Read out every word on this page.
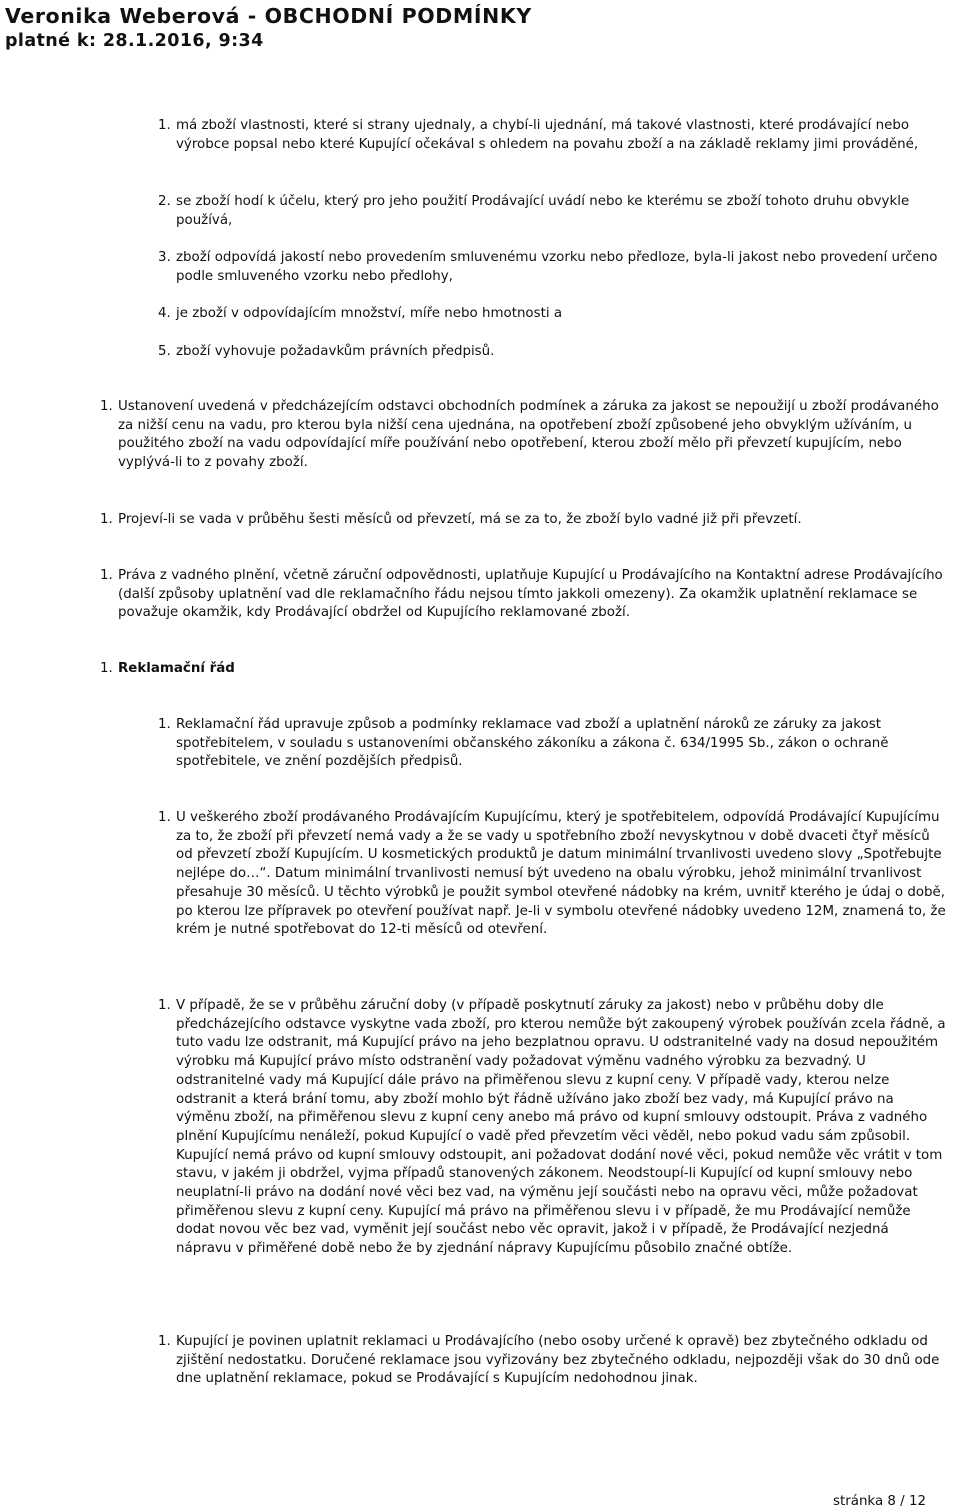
Veronika Weberová - OBCHODNÍ PODMÍNKY
platné k: 28.1.2016, 9:34
1. má zboží vlastnosti, které si strany ujednaly, a chybí-li ujednání, má takové vlastnosti, které prodávající nebo výrobce popsal nebo které Kupující očekával s ohledem na povahu zboží a na základě reklamy jimi prováděné,
2. se zboží hodí k účelu, který pro jeho použití Prodávající uvádí nebo ke kterému se zboží tohoto druhu obvykle používá,
3. zboží odpovídá jakostí nebo provedením smluvenému vzorku nebo předloze, byla-li jakost nebo provedení určeno podle smluveného vzorku nebo předlohy,
4. je zboží v odpovídajícím množství, míře nebo hmotnosti a
5. zboží vyhovuje požadavkům právních předpisů.
1. Ustanovení uvedená v předcházejícím odstavci obchodních podmínek a záruka za jakost se nepoužijí u zboží prodávaného za nižší cenu na vadu, pro kterou byla nižší cena ujednána, na opotřebení zboží způsobené jeho obvyklým užíváním, u použitého zboží na vadu odpovídající míře používání nebo opotřebení, kterou zboží mělo při převzetí kupujícím, nebo vyplývá-li to z povahy zboží.
1. Projeví-li se vada v průběhu šesti měsíců od převzetí, má se za to, že zboží bylo vadné již při převzetí.
1. Práva z vadného plnění, včetně záruční odpovědnosti, uplatňuje Kupující u Prodávajícího na Kontaktní adrese Prodávajícího (další způsoby uplatnění vad dle reklamačního řádu nejsou tímto jakkoli omezeny). Za okamžik uplatnění reklamace se považuje okamžik, kdy Prodávající obdržel od Kupujícího reklamované zboží.
1. Reklamační řád
1. Reklamační řád upravuje způsob a podmínky reklamace vad zboží a uplatnění nároků ze záruky za jakost spotřebitelem, v souladu s ustanoveními občanského zákoníku a zákona č. 634/1995 Sb., zákon o ochraně spotřebitele, ve znění pozdějších předpisů.
1. U veškerého zboží prodávaného Prodávajícím Kupujícímu, který je spotřebitelem, odpovídá Prodávající Kupujícímu za to, že zboží při převzetí nemá vady a že se vady u spotřebního zboží nevyskytnou v době dvaceti čtyř měsíců od převzetí zboží Kupujícím. U kosmetických produktů je datum minimální trvanlivosti uvedeno slovy „Spotřebujte nejlépe do…“. Datum minimální trvanlivosti nemusí být uvedeno na obalu výrobku, jehož minimální trvanlivost přesahuje 30 měsíců. U těchto výrobků je použit symbol otevřené nádobky na krém, uvnitř kterého je údaj o době, po kterou lze přípravek po otevření používat např. Je-li v symbolu otevřené nádobky uvedeno 12M, znamená to, že krém je nutné spotřebovat do 12-ti měsíců od otevření.
1. V případě, že se v průběhu záruční doby (v případě poskytnutí záruky za jakost) nebo v průběhu doby dle předcházejícího odstavce vyskytne vada zboží, pro kterou nemůže být zakoupený výrobek používán zcela řádně, a tuto vadu lze odstranit, má Kupující právo na jeho bezplatnou opravu. U odstranitelné vady na dosud nepoužitém výrobku má Kupující právo místo odstranění vady požadovat výměnu vadného výrobku za bezvadný. U odstranitelné vady má Kupující dále právo na přiměřenou slevu z kupní ceny. V případě vady, kterou nelze odstranit a která brání tomu, aby zboží mohlo být řádně užíváno jako zboží bez vady, má Kupující právo na výměnu zboží, na přiměřenou slevu z kupní ceny anebo má právo od kupní smlouvy odstoupit. Práva z vadného plnění Kupujícímu nenáleží, pokud Kupující o vadě před převzetím věci věděl, nebo pokud vadu sám způsobil. Kupující nemá právo od kupní smlouvy odstoupit, ani požadovat dodání nové věci, pokud nemůže věc vrátit v tom stavu, v jakém ji obdržel, vyjma případů stanovených zákonem. Neodstoupí-li Kupující od kupní smlouvy nebo neuplatní-li právo na dodání nové věci bez vad, na výměnu její součásti nebo na opravu věci, může požadovat přiměřenou slevu z kupní ceny. Kupující má právo na přiměřenou slevu i v případě, že mu Prodávající nemůže dodat novou věc bez vad, vyměnit její součást nebo věc opravit, jakož i v případě, že Prodávající nezjedná nápravu v přiměřené době nebo že by zjednání nápravy Kupujícímu působilo značné obtíže.
1. Kupující je povinen uplatnit reklamaci u Prodávajícího (nebo osoby určené k opravě) bez zbytečného odkladu od zjištění nedostatku. Doručené reklamace jsou vyřizovány bez zbytečného odkladu, nejpozději však do 30 dnů ode dne uplatnění reklamace, pokud se Prodávající s Kupujícím nedohodnou jinak.
stránka 8 / 12
